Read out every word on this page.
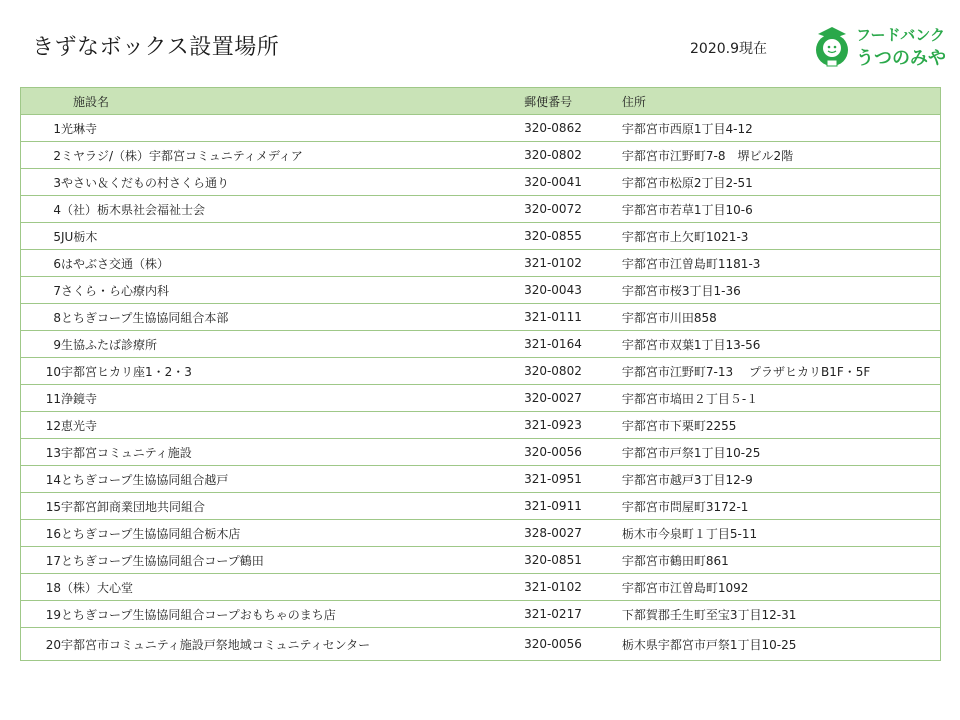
きずなボックス設置場所	2020.9現在
フードバンク
うつのみや
施設名	郵便番号	住所
1光琳寺	320-0862	宇都宮市西原1丁目4-12
2ミヤラジ/（株）宇都宮コミュニティメディア	320-0802	宇都宮市江野町7-8　堺ビル2階
3やさい＆くだもの村さくら通り	320-0041	宇都宮市松原2丁目2-51
4（社）栃木県社会福祉士会	320-0072	宇都宮市若草1丁目10-6
5JU栃木	320-0855	宇都宮市上欠町1021-3
6はやぶさ交通（株）	321-0102	宇都宮市江曽島町1181-3
7さくら・ら心療内科	320-0043	宇都宮市桜3丁目1-36
8とちぎコープ生協協同組合本部	321-0111	宇都宮市川田858
9生協ふたば診療所	321-0164	宇都宮市双葉1丁目13-56
10宇都宮ヒカリ座1・2・3	320-0802	宇都宮市江野町7-13　 プラザヒカリB1F・5F
11浄鏡寺	320-0027	宇都宮市塙田２丁目５-１
12恵光寺	321-0923	宇都宮市下栗町2255
13宇都宮コミュニティ施設	320-0056	宇都宮市戸祭1丁目10-25
14とちぎコープ生協協同組合越戸	321-0951	宇都宮市越戸3丁目12-9
15宇都宮卸商業団地共同組合	321-0911	宇都宮市問屋町3172-1
16とちぎコープ生協協同組合栃木店	328-0027	栃木市今泉町１丁目5-11
17とちぎコープ生協協同組合コープ鶴田	320-0851	宇都宮市鶴田町861
18（株）大心堂	321-0102	宇都宮市江曽島町1092
19とちぎコープ生協協同組合コープおもちゃのまち店	321-0217	下都賀郡壬生町至宝3丁目12-31
20宇都宮市コミュニティ施設戸祭地域コミュニティセンター	320-0056	栃木県宇都宮市戸祭1丁目10-25
